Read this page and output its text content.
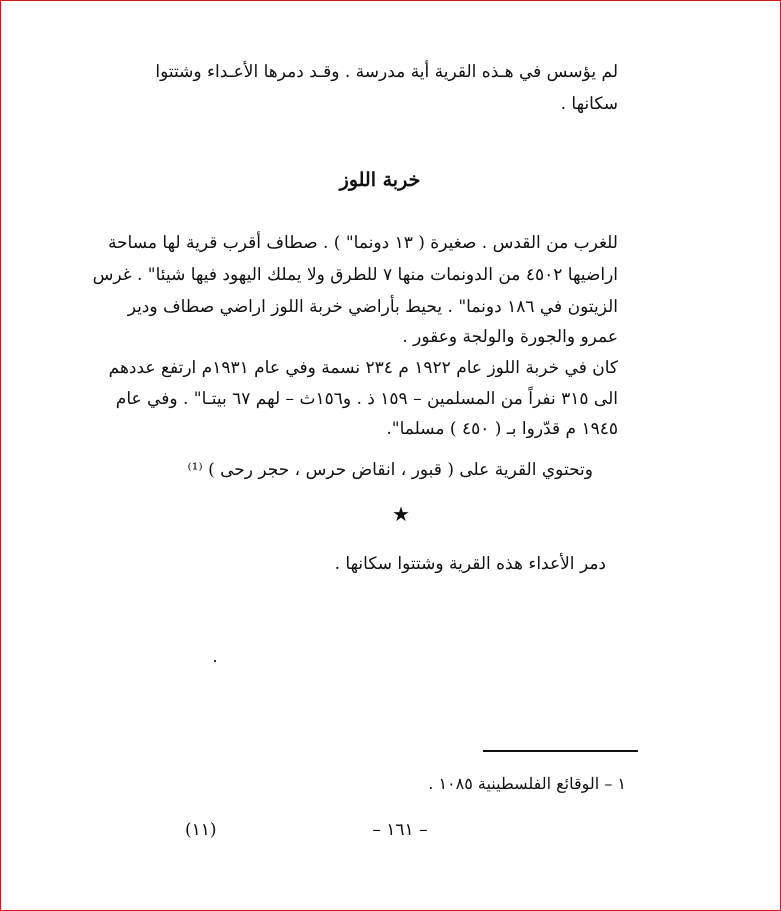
لم يؤسس في هـذه القرية أية مدرسة . وقـد دمرها الأعـداء وشتتوا
سكانها .
خربة اللوز
للغرب من القدس . صغيرة ( ١٣ دونما" ) . صطاف أقرب قرية لها مساحة
اراضيها ٤٥٠٢ من الدونمات منها ٧ للطرق ولا يملك اليهود فيها شيئا" . غرس
الزيتون في ١٨٦ دونما" . يحيط بأراضي خربة اللوز اراضي صطاف ودير
عمرو والجورة والولجة وعقور .
كان في خربة اللوز عام ١٩٢٢ م ٢٣٤ نسمة وفي عام ١٩٣١م ارتفع عددهم
الى ٣١٥ نفراً من المسلمين – ١٥٩ ذ . و١٥٦ث – لهم ٦٧ بيتـا" . وفي عام
١٩٤٥ م قدّروا بـ ( ٤٥٠ ) مسلما".
وتحتوي القرية على ( قبور ، انقاض حرس ، حجر رحى ) ⁽¹⁾
★
دمر الأعداء هذه القرية وشتتوا سكانها .
١ – الوقائع الفلسطينية ١٠٨٥ .
– ١٦١ –
(١١)
